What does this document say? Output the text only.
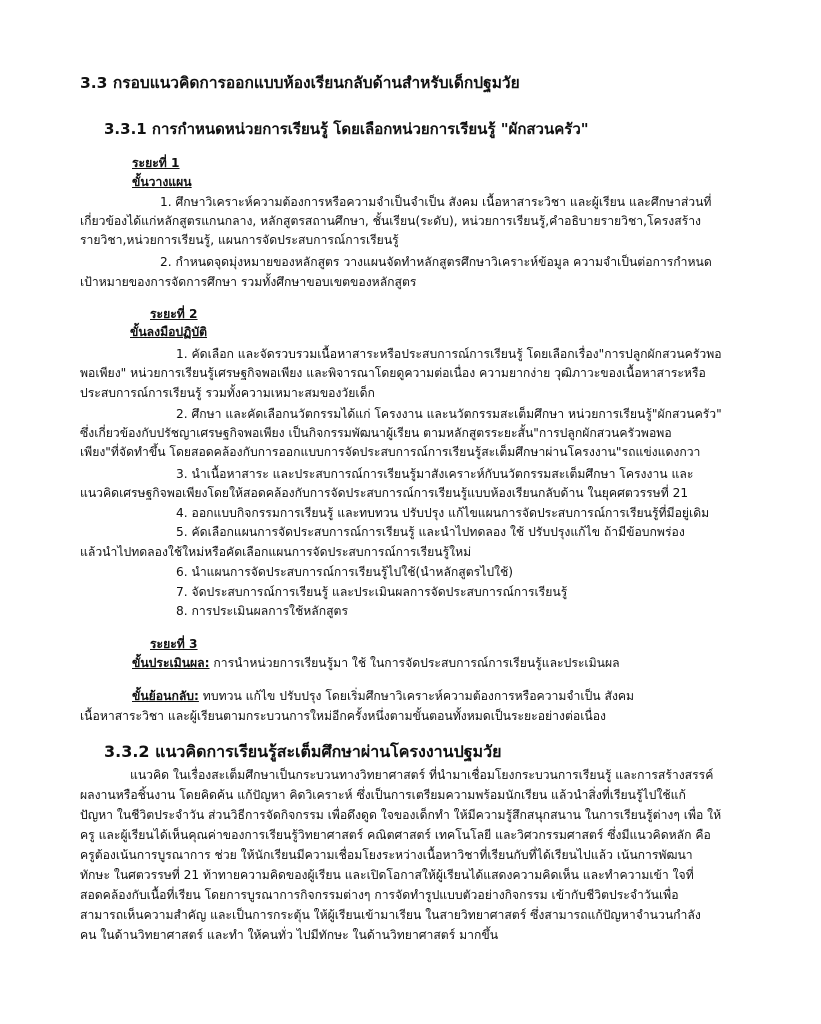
3.3 กรอบแนวคิดการออกแบบห้องเรียนกลับด้านสำหรับเด็กปฐมวัย
3.3.1 การกำหนดหน่วยการเรียนรู้ โดยเลือกหน่วยการเรียนรู้ "ผักสวนครัว"
ระยะที่ 1
ขั้นวางแผน
1. ศึกษาวิเคราะห์ความต้องการหรือความจำเป็นจำเป็น สังคม เนื้อหาสาระวิชา และผู้เรียน และศึกษาส่วนที่
เกี่ยวข้องได้แก่หลักสูตรแกนกลาง, หลักสูตรสถานศึกษา, ชั้นเรียน(ระดับ), หน่วยการเรียนรู้,คำอธิบายรายวิชา,โครงสร้าง
รายวิชา,หน่วยการเรียนรู้, แผนการจัดประสบการณ์การเรียนรู้
2. กำหนดจุดมุ่งหมายของหลักสูตร วางแผนจัดทำหลักสูตรศึกษาวิเคราะห์ข้อมูล ความจำเป็นต่อการกำหนด
เป้าหมายของการจัดการศึกษา รวมทั้งศึกษาขอบเขตของหลักสูตร
ระยะที่ 2
ขั้นลงมือปฏิบัติ
1. คัดเลือก และจัดรวบรวมเนื้อหาสาระหรือประสบการณ์การเรียนรู้ โดยเลือกเรื่อง"การปลูกผักสวนครัวพอ
พอเพียง" หน่วยการเรียนรู้เศรษฐกิจพอเพียง และพิจารณาโดยดูความต่อเนื่อง ความยากง่าย วุฒิภาวะของเนื้อหาสาระหรือ
ประสบการณ์การเรียนรู้ รวมทั้งความเหมาะสมของวัยเด็ก
2. ศึกษา และคัดเลือกนวัตกรรมได้แก่ โครงงาน และนวัตกรรมสะเต็มศึกษา หน่วยการเรียนรู้"ผักสวนครัว"
ซึ่งเกี่ยวข้องกับปรัชญาเศรษฐกิจพอเพียง เป็นกิจกรรมพัฒนาผู้เรียน ตามหลักสูตรระยะสั้น"การปลูกผักสวนครัวพอพอ
เพียง"ที่จัดทำขึ้น โดยสอดคล้องกับการออกแบบการจัดประสบการณ์การเรียนรู้สะเต็มศึกษาผ่านโครงงาน"รถแข่งแดงกวา
3. นำเนื้อหาสาระ และประสบการณ์การเรียนรู้มาสังเคราะห์กับนวัตกรรมสะเต็มศึกษา โครงงาน และ
แนวคิดเศรษฐกิจพอเพียงโดยให้สอดคล้องกับการจัดประสบการณ์การเรียนรู้แบบห้องเรียนกลับด้าน ในยุคศตวรรษที่ 21
4. ออกแบบกิจกรรมการเรียนรู้ และทบทวน ปรับปรุง แก้ไขแผนการจัดประสบการณ์การเรียนรู้ที่มีอยู่เดิม
5. คัดเลือกแผนการจัดประสบการณ์การเรียนรู้ และนำไปทดลอง ใช้ ปรับปรุงแก้ไข ถ้ามีข้อบกพร่อง
แล้วนำไปทดลองใช้ใหม่หรือคัดเลือกแผนการจัดประสบการณ์การเรียนรู้ใหม่
6. นำแผนการจัดประสบการณ์การเรียนรู้ไปใช้(นำหลักสูตรไปใช้)
7. จัดประสบการณ์การเรียนรู้ และประเมินผลการจัดประสบการณ์การเรียนรู้
8. การประเมินผลการใช้หลักสูตร
ระยะที่ 3
ขั้นประเมินผล: การนำหน่วยการเรียนรู้มา ใช้ ในการจัดประสบการณ์การเรียนรู้และประเมินผล
ขั้นย้อนกลับ: ทบทวน แก้ไข ปรับปรุง โดยเริ่มศึกษาวิเคราะห์ความต้องการหรือความจำเป็น สังคม
เนื้อหาสาระวิชา และผู้เรียนตามกระบวนการใหม่อีกครั้งหนึ่งตามขั้นตอนทั้งหมดเป็นระยะอย่างต่อเนื่อง
3.3.2 แนวคิดการเรียนรู้สะเต็มศึกษาผ่านโครงงานปฐมวัย
แนวคิด ในเรื่องสะเต็มศึกษาเป็นกระบวนทางวิทยาศาสตร์ ที่นำมาเชื่อมโยงกระบวนการเรียนรู้ และการสร้างสรรค์
ผลงานหรือชิ้นงาน โดยคิดค้น แก้ปัญหา คิดวิเคราะห์ ซึ่งเป็นการเตรียมความพร้อมนักเรียน แล้วนำสิ่งที่เรียนรู้ไปใช้แก้
ปัญหา ในชีวิตประจำวัน ส่วนวิธีการจัดกิจกรรม เพื่อดึงดูด ใจของเด็กทำ ให้มีความรู้สึกสนุกสนาน ในการเรียนรู้ต่างๆ เพื่อ ให้
ครู และผู้เรียนได้เห็นคุณค่าของการเรียนรู้วิทยาศาสตร์ คณิตศาสตร์ เทคโนโลยี และวิศวกรรมศาสตร์ ซึ่งมีแนวคิดหลัก คือ
ครูต้องเน้นการบูรณาการ ช่วย ให้นักเรียนมีความเชื่อมโยงระหว่างเนื้อหาวิชาที่เรียนกับที่ได้เรียนไปแล้ว เน้นการพัฒนา
ทักษะ ในศตวรรษที่ 21 ท้าทายความคิดของผู้เรียน และเปิดโอกาสให้ผู้เรียนได้แสดงความคิดเห็น และทำความเข้า ใจที่
สอดคล้องกับเนื้อที่เรียน โดยการบูรณาการกิจกรรมต่างๆ การจัดทำรูปแบบตัวอย่างกิจกรรม เข้ากับชีวิตประจำวันเพื่อ
สามารถเห็นความสำคัญ และเป็นการกระตุ้น ให้ผู้เรียนเข้ามาเรียน ในสายวิทยาศาสตร์ ซึ่งสามารถแก้ปัญหาจำนวนกำลัง
คน ในด้านวิทยาศาสตร์ และทำ ให้คนทั่ว ไปมีทักษะ ในด้านวิทยาศาสตร์ มากขึ้น
